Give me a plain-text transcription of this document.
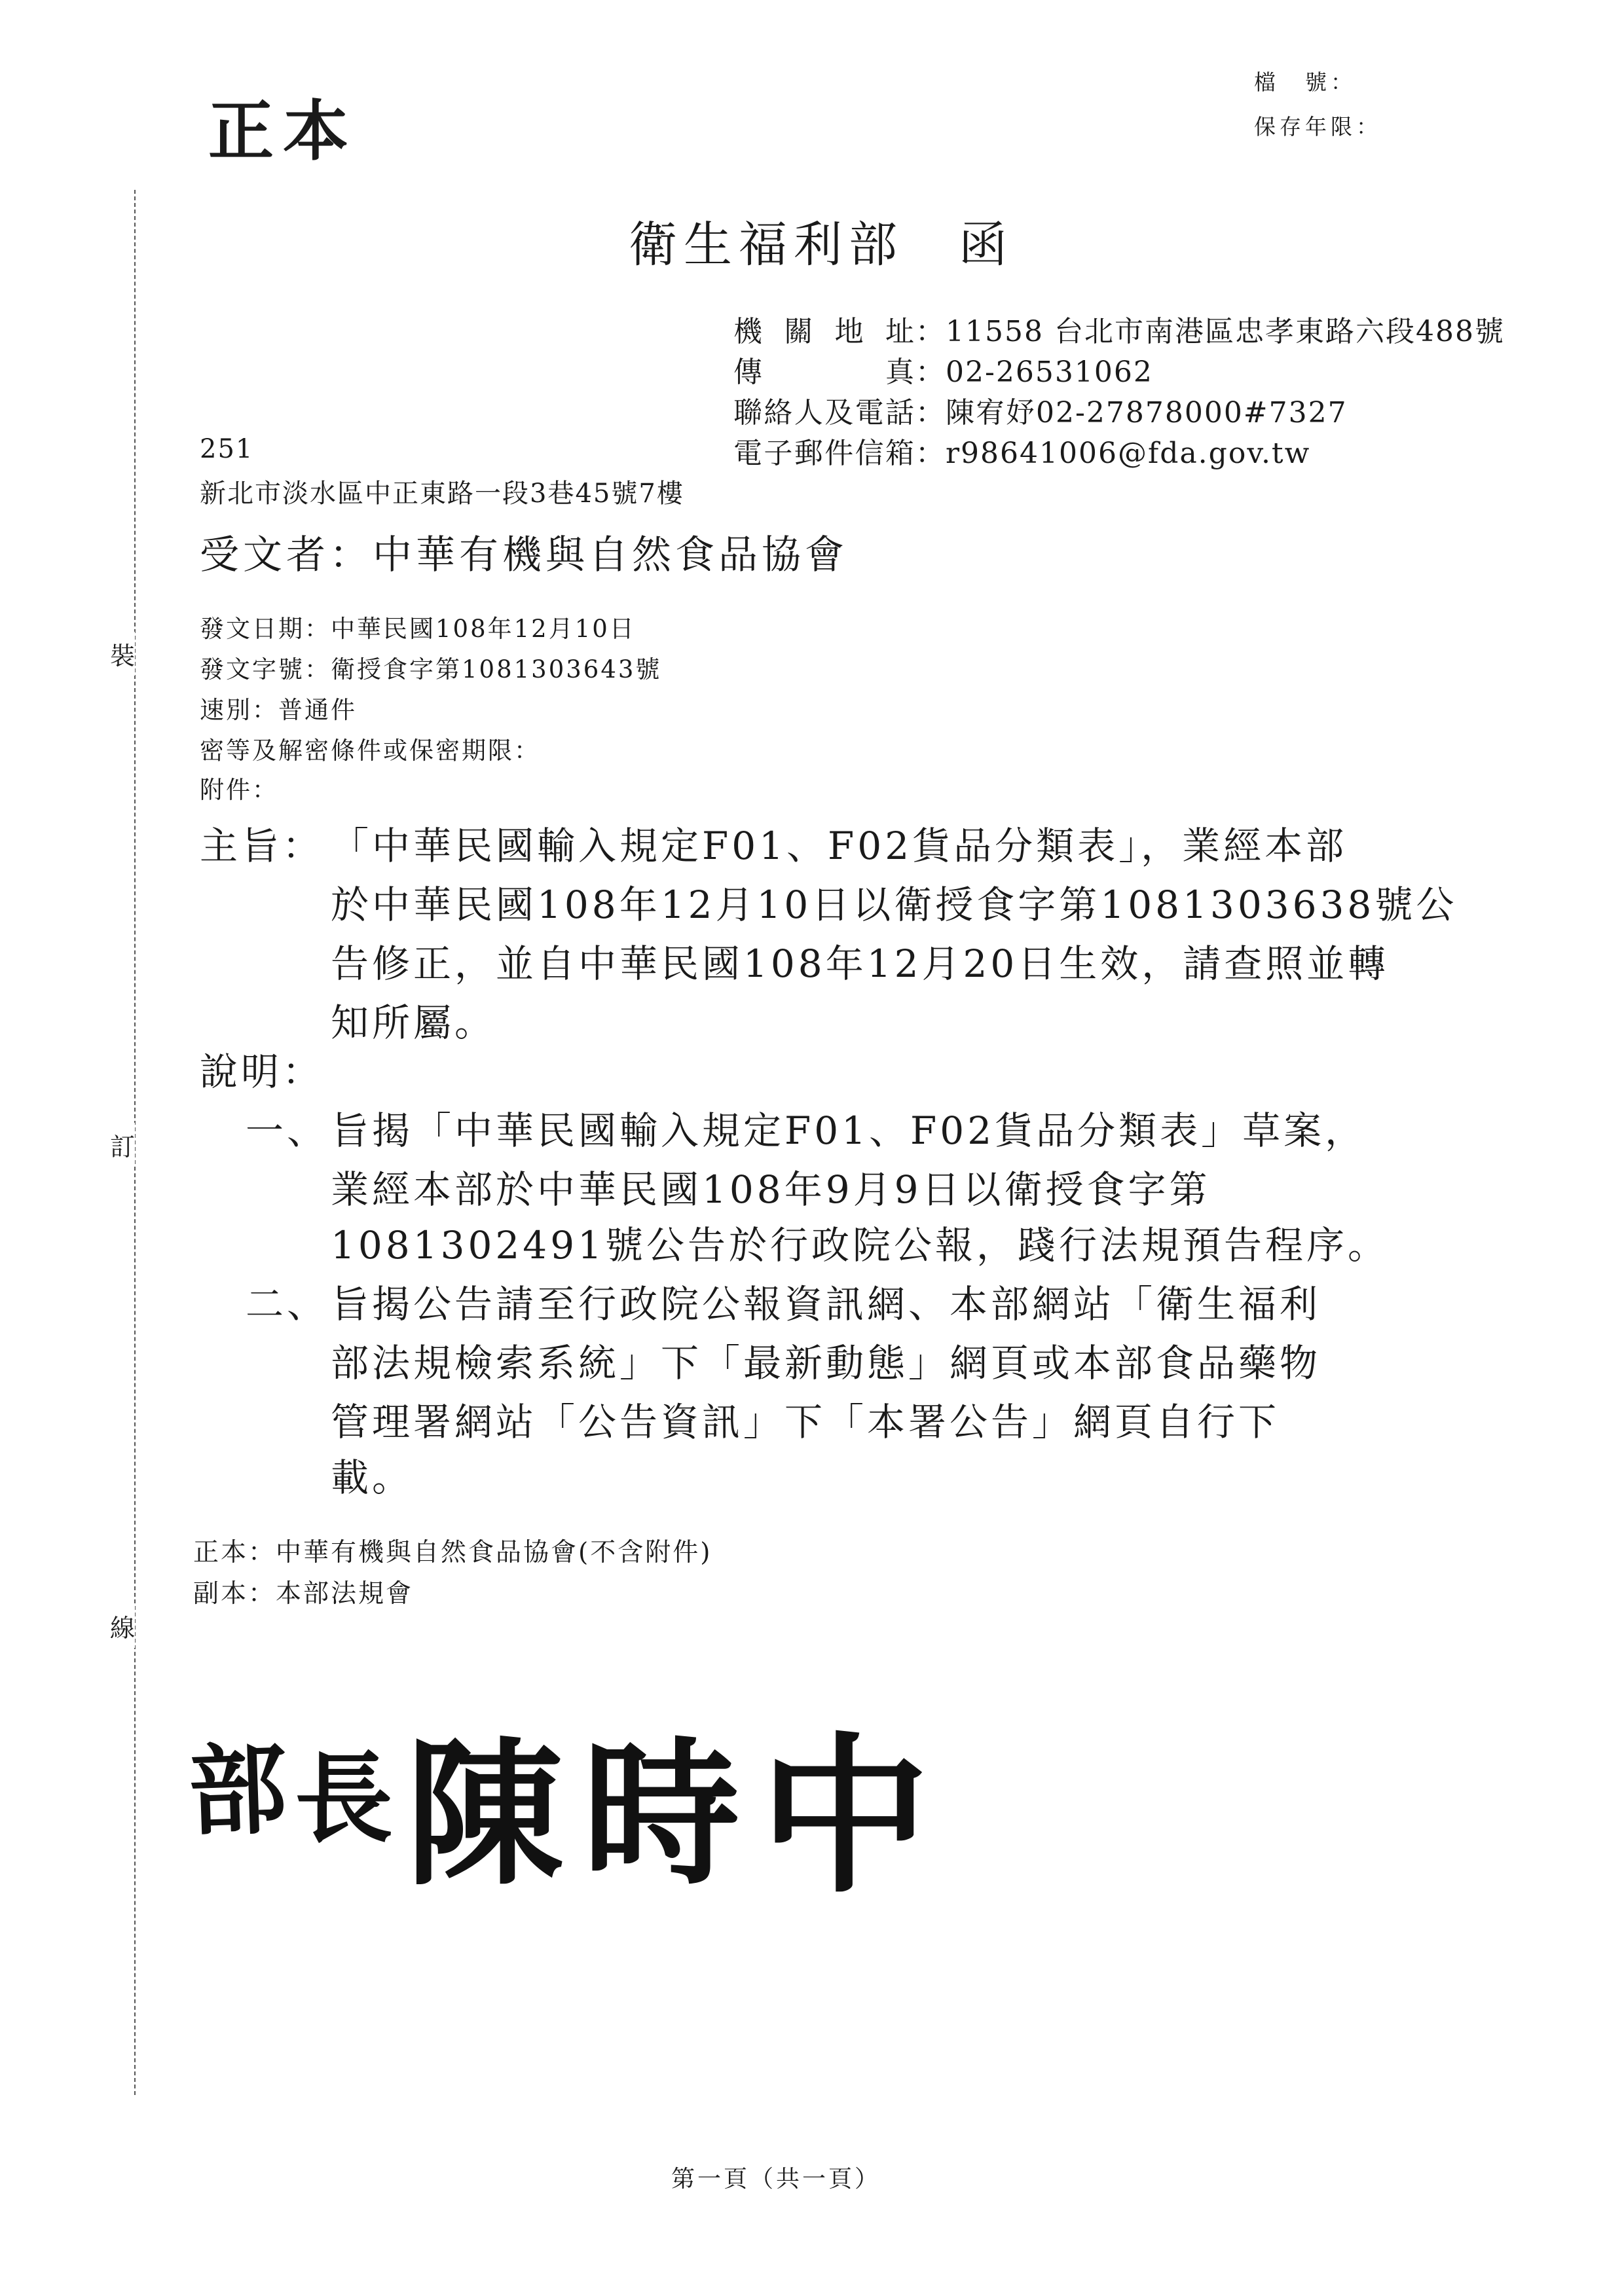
正本
檔　號：
保存年限：
衛生福利部　函
機關地址：11558 台北市南港區忠孝東路六段488號
傳真：02-26531062
聯絡人及電話：陳宥妤02-27878000#7327
電子郵件信箱：r98641006@fda.gov.tw
251
新北市淡水區中正東路一段3巷45號7樓
受文者：中華有機與自然食品協會
發文日期：中華民國108年12月10日
發文字號：衛授食字第1081303643號
速別：普通件
密等及解密條件或保密期限：
附件：
主旨： 「中華民國輸入規定F01、F02貨品分類表」，業經本部
於中華民國108年12月10日以衛授食字第1081303638號公
告修正，並自中華民國108年12月20日生效，請查照並轉
知所屬。
說明：
一、 旨揭「中華民國輸入規定F01、F02貨品分類表」草案，
業經本部於中華民國108年9月9日以衛授食字第
1081302491號公告於行政院公報，踐行法規預告程序。
二、 旨揭公告請至行政院公報資訊網、本部網站「衛生福利
部法規檢索系統」下「最新動態」網頁或本部食品藥物
管理署網站「公告資訊」下「本署公告」網頁自行下
載。
正本：中華有機與自然食品協會(不含附件)
副本：本部法規會
裝
訂
線
部 長 陳 時 中
第一頁（共一頁）
